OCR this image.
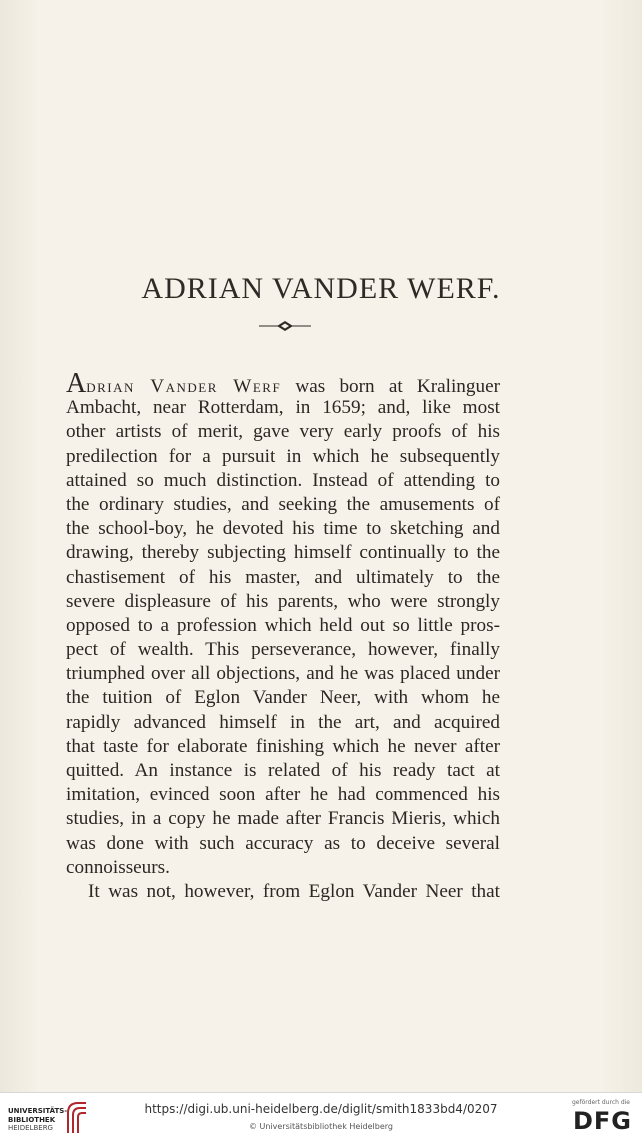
ADRIAN VANDER WERF.
Adrian Vander Werf was born at Kralinguer
Ambacht, near Rotterdam, in 1659; and, like most
other artists of merit, gave very early proofs of his
predilection for a pursuit in which he subsequently
attained so much distinction. Instead of attending to
the ordinary studies, and seeking the amusements of
the school-boy, he devoted his time to sketching and
drawing, thereby subjecting himself continually to the
chastisement of his master, and ultimately to the
severe displeasure of his parents, who were strongly
opposed to a profession which held out so little pros-
pect of wealth. This perseverance, however, finally
triumphed over all objections, and he was placed under
the tuition of Eglon Vander Neer, with whom he
rapidly advanced himself in the art, and acquired
that taste for elaborate finishing which he never after
quitted. An instance is related of his ready tact at
imitation, evinced soon after he had commenced his
studies, in a copy he made after Francis Mieris, which
was done with such accuracy as to deceive several
connoisseurs.
It was not, however, from Eglon Vander Neer that
UNIVERSITÄTS-
BIBLIOTHEK
HEIDELBERG
https://digi.ub.uni-heidelberg.de/diglit/smith1833bd4/0207
© Universitätsbibliothek Heidelberg
gefördert durch die
DFG
